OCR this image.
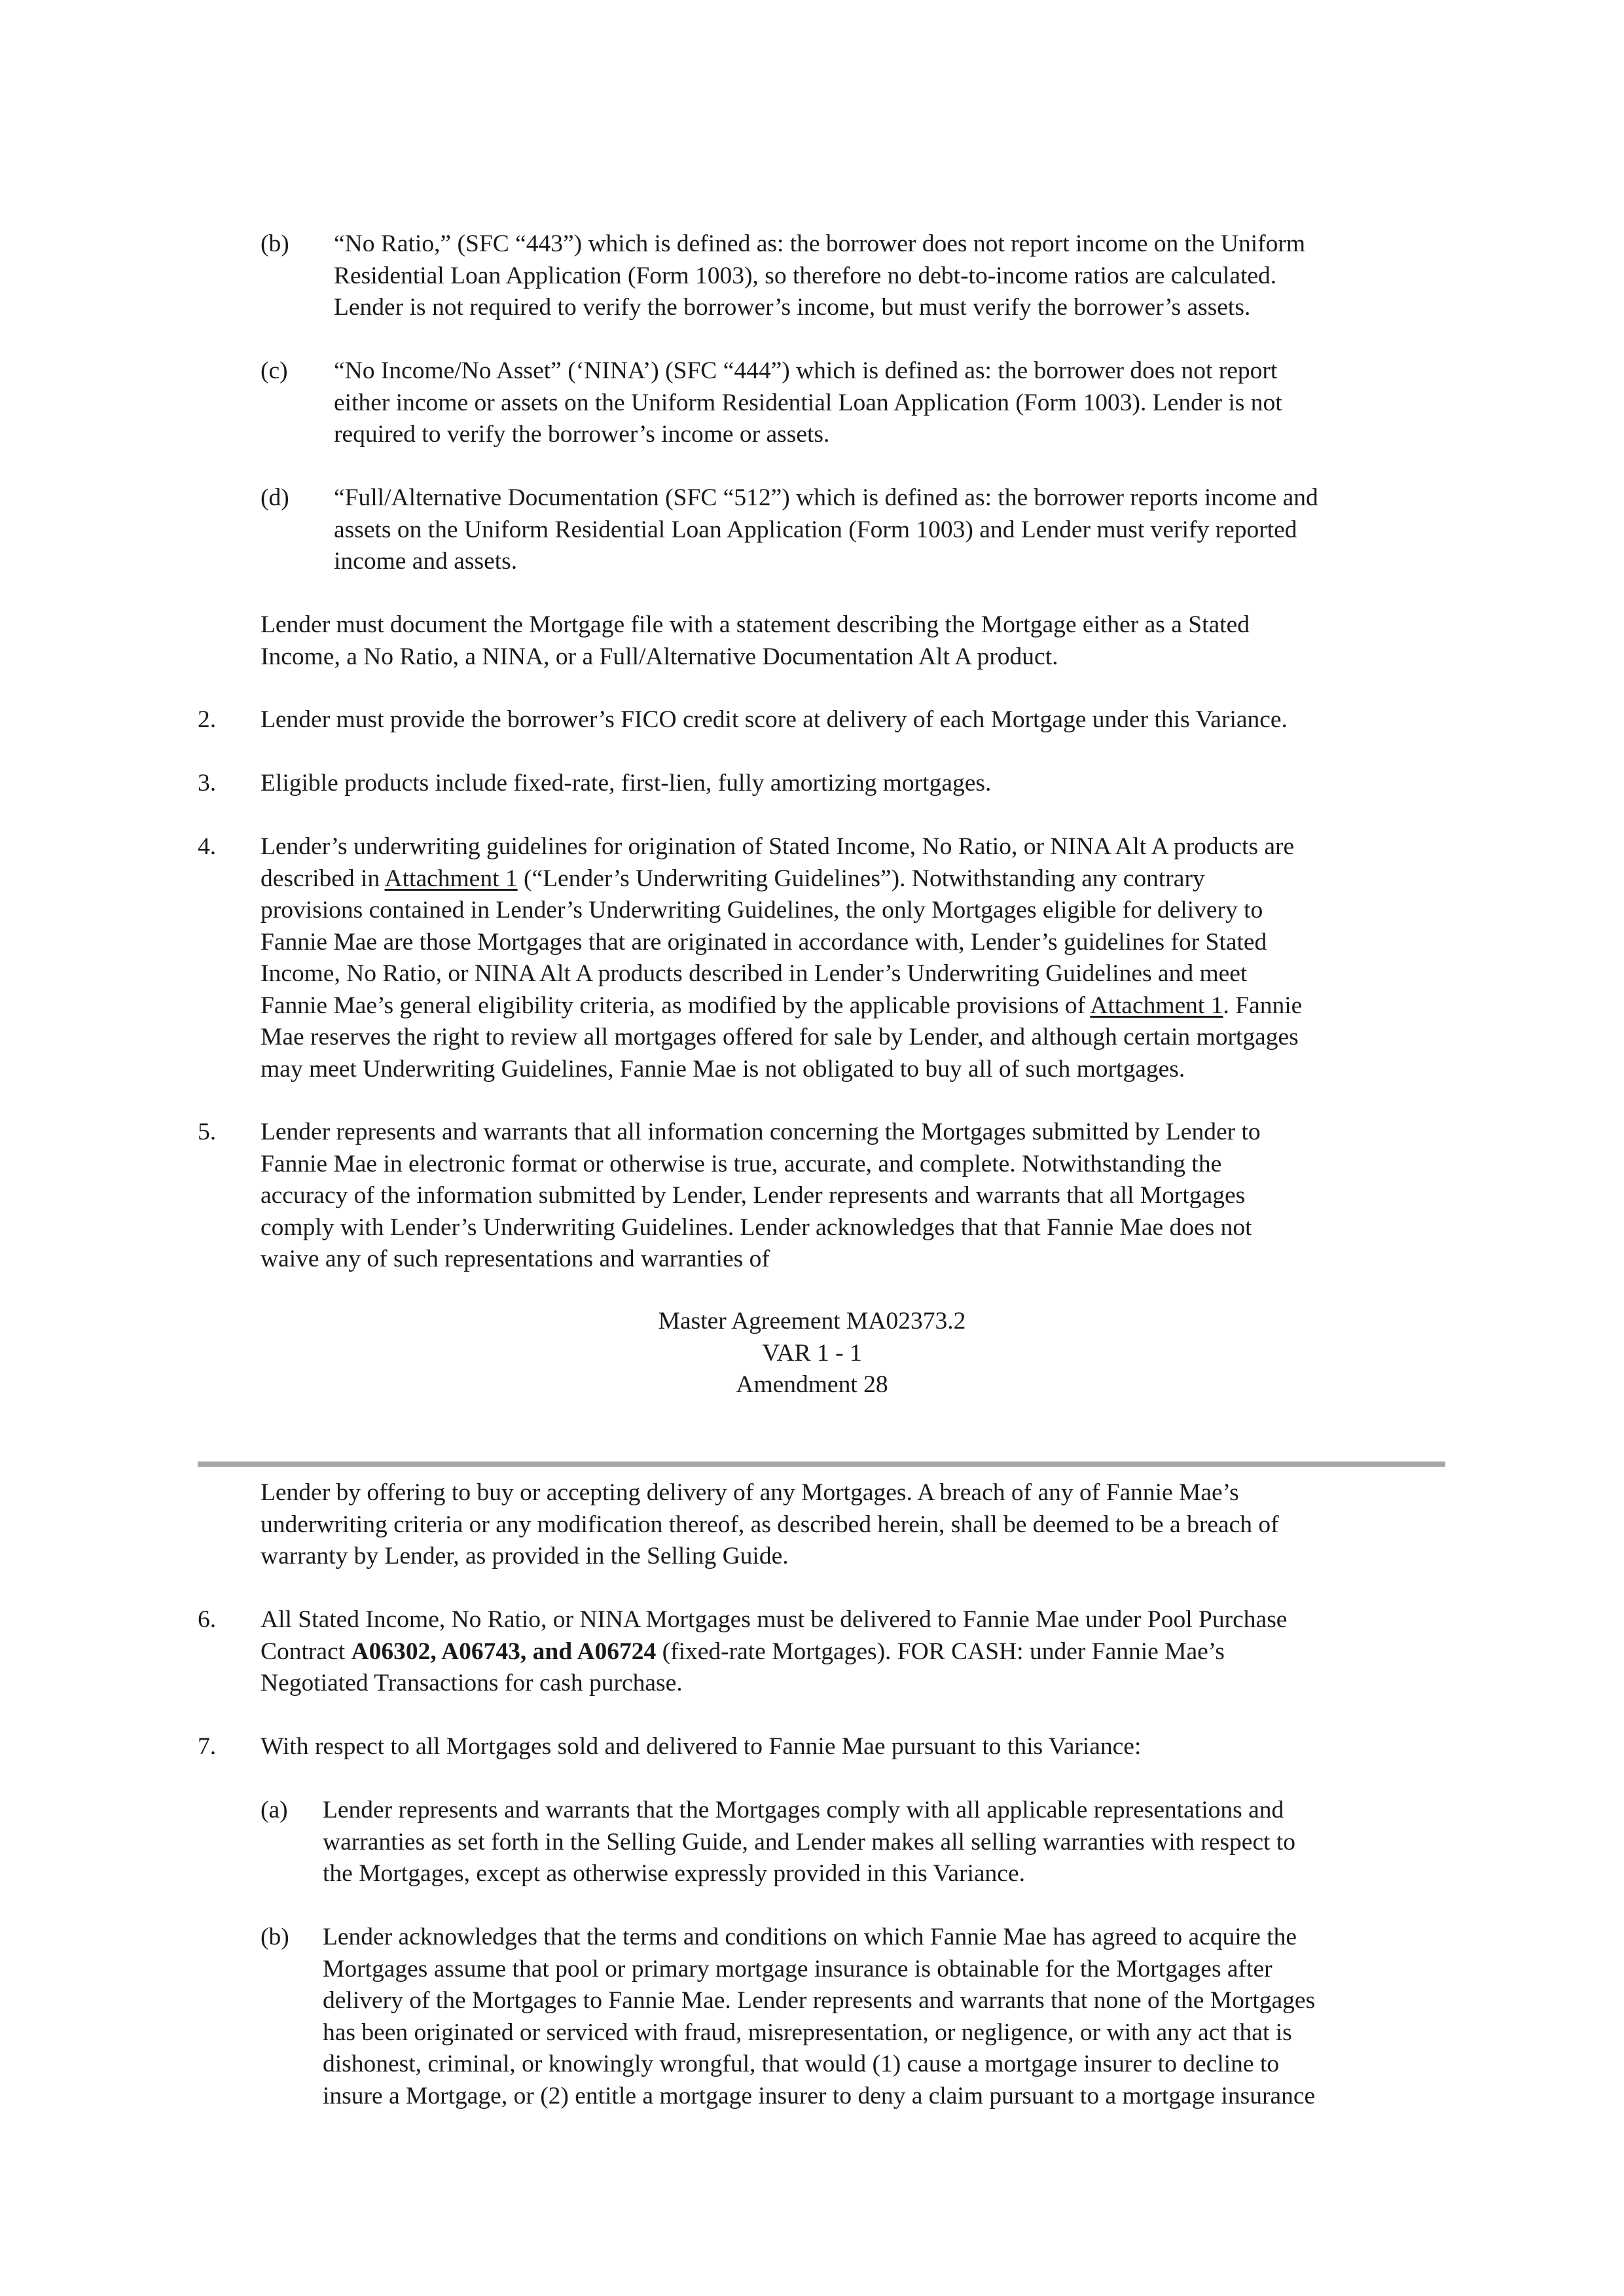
(b) “No Ratio,” (SFC “443”) which is defined as: the borrower does not report income on the Uniform
Residential Loan Application (Form 1003), so therefore no debt-to-income ratios are calculated.
Lender is not required to verify the borrower’s income, but must verify the borrower’s assets.
(c) “No Income/No Asset” (‘NINA’) (SFC “444”) which is defined as: the borrower does not report
either income or assets on the Uniform Residential Loan Application (Form 1003). Lender is not
required to verify the borrower’s income or assets.
(d) “Full/Alternative Documentation (SFC “512”) which is defined as: the borrower reports income and
assets on the Uniform Residential Loan Application (Form 1003) and Lender must verify reported
income and assets.
Lender must document the Mortgage file with a statement describing the Mortgage either as a Stated
Income, a No Ratio, a NINA, or a Full/Alternative Documentation Alt A product.
2. Lender must provide the borrower’s FICO credit score at delivery of each Mortgage under this Variance.
3. Eligible products include fixed-rate, first-lien, fully amortizing mortgages.
4. Lender’s underwriting guidelines for origination of Stated Income, No Ratio, or NINA Alt A products are
described in Attachment 1 (“Lender’s Underwriting Guidelines”). Notwithstanding any contrary
provisions contained in Lender’s Underwriting Guidelines, the only Mortgages eligible for delivery to
Fannie Mae are those Mortgages that are originated in accordance with, Lender’s guidelines for Stated
Income, No Ratio, or NINA Alt A products described in Lender’s Underwriting Guidelines and meet
Fannie Mae’s general eligibility criteria, as modified by the applicable provisions of Attachment 1. Fannie
Mae reserves the right to review all mortgages offered for sale by Lender, and although certain mortgages
may meet Underwriting Guidelines, Fannie Mae is not obligated to buy all of such mortgages.
5. Lender represents and warrants that all information concerning the Mortgages submitted by Lender to
Fannie Mae in electronic format or otherwise is true, accurate, and complete. Notwithstanding the
accuracy of the information submitted by Lender, Lender represents and warrants that all Mortgages
comply with Lender’s Underwriting Guidelines. Lender acknowledges that that Fannie Mae does not
waive any of such representations and warranties of
Master Agreement MA02373.2
VAR 1 - 1
Amendment 28
Lender by offering to buy or accepting delivery of any Mortgages. A breach of any of Fannie Mae’s
underwriting criteria or any modification thereof, as described herein, shall be deemed to be a breach of
warranty by Lender, as provided in the Selling Guide.
6. All Stated Income, No Ratio, or NINA Mortgages must be delivered to Fannie Mae under Pool Purchase
Contract A06302, A06743, and A06724 (fixed-rate Mortgages). FOR CASH: under Fannie Mae’s
Negotiated Transactions for cash purchase.
7. With respect to all Mortgages sold and delivered to Fannie Mae pursuant to this Variance:
(a) Lender represents and warrants that the Mortgages comply with all applicable representations and
warranties as set forth in the Selling Guide, and Lender makes all selling warranties with respect to
the Mortgages, except as otherwise expressly provided in this Variance.
(b) Lender acknowledges that the terms and conditions on which Fannie Mae has agreed to acquire the
Mortgages assume that pool or primary mortgage insurance is obtainable for the Mortgages after
delivery of the Mortgages to Fannie Mae. Lender represents and warrants that none of the Mortgages
has been originated or serviced with fraud, misrepresentation, or negligence, or with any act that is
dishonest, criminal, or knowingly wrongful, that would (1) cause a mortgage insurer to decline to
insure a Mortgage, or (2) entitle a mortgage insurer to deny a claim pursuant to a mortgage insurance
